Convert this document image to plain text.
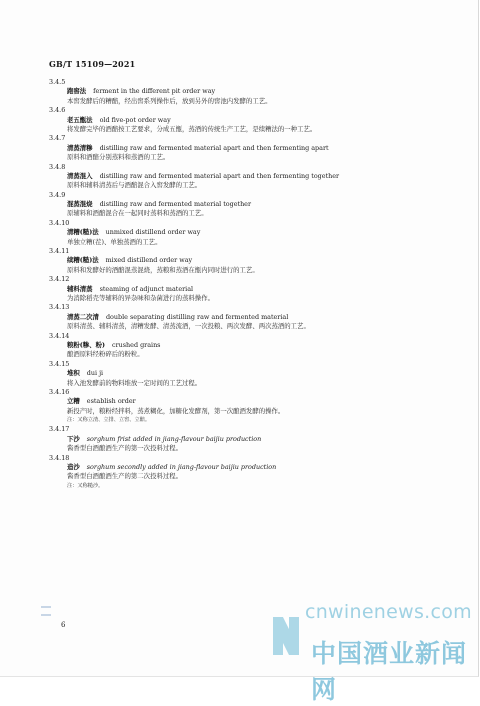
GB/T 15109—2021
3.4.5
跑窖法 ferment in the different pit order way
本窖发酵后的糟醅，经出窖系列操作后，放到另外的窖池内发酵的工艺。
3.4.6
老五甑法 old five-pot order way
将发酵完毕的酒醅按工艺要求，分成五甑，蒸酒的传统生产工艺，是续糟法的一种工艺。
3.4.7
清蒸清糁 distilling raw and fermented material apart and then fermenting apart
原料和酒醅分别蒸料和蒸酒的工艺。
3.4.8
清蒸混入 distilling raw and fermented material apart and then fermenting together
原料和辅料清蒸后与酒醅混合入窖发酵的工艺。
3.4.9
混蒸混烧 distilling raw and fermented material together
原辅料和酒醅混合在一起同时蒸料和蒸酒的工艺。
3.4.10
清糟(糙)法 unmixed distillend order way
单独立糟(茬)、单独蒸酒的工艺。
3.4.11
续糟(糙)法 mixed distillend order way
原料和发酵好的酒醅混蒸混烧，蒸粮和蒸酒在甑内同时进行的工艺。
3.4.12
辅料清蒸 steaming of adjunct material
为消除稻壳等辅料的异杂味和杂菌进行的蒸料操作。
3.4.13
清蒸二次清 double separating distilling raw and fermented material
原料清蒸、辅料清蒸，清糟发酵、清蒸流酒，一次投粮、两次发酵、两次蒸酒的工艺。
3.4.14
粮粉(糁、粉) crushed grains
酿酒原料经粉碎后的粉粒。
3.4.15
堆积 dui ji
将入池发酵前的物料堆放一定时间的工艺过程。
3.4.16
立糟 establish order
新投产时，粮粉经拌料，蒸煮糊化，加糖化发酵剂，第一次酿酒发酵的操作。
注：又称立渣、立排、立窖、立醅。
3.4.17
下沙 sorghum frist added in jiang-flavour baijiu production
酱香型白酒酿酒生产的第一次投料过程。
3.4.18
造沙 sorghum secondly added in jiang-flavour baijiu production
酱香型白酒酿酒生产的第二次投料过程。
注：又称糙沙。
6
cnwinenews.com
中国酒业新闻网
